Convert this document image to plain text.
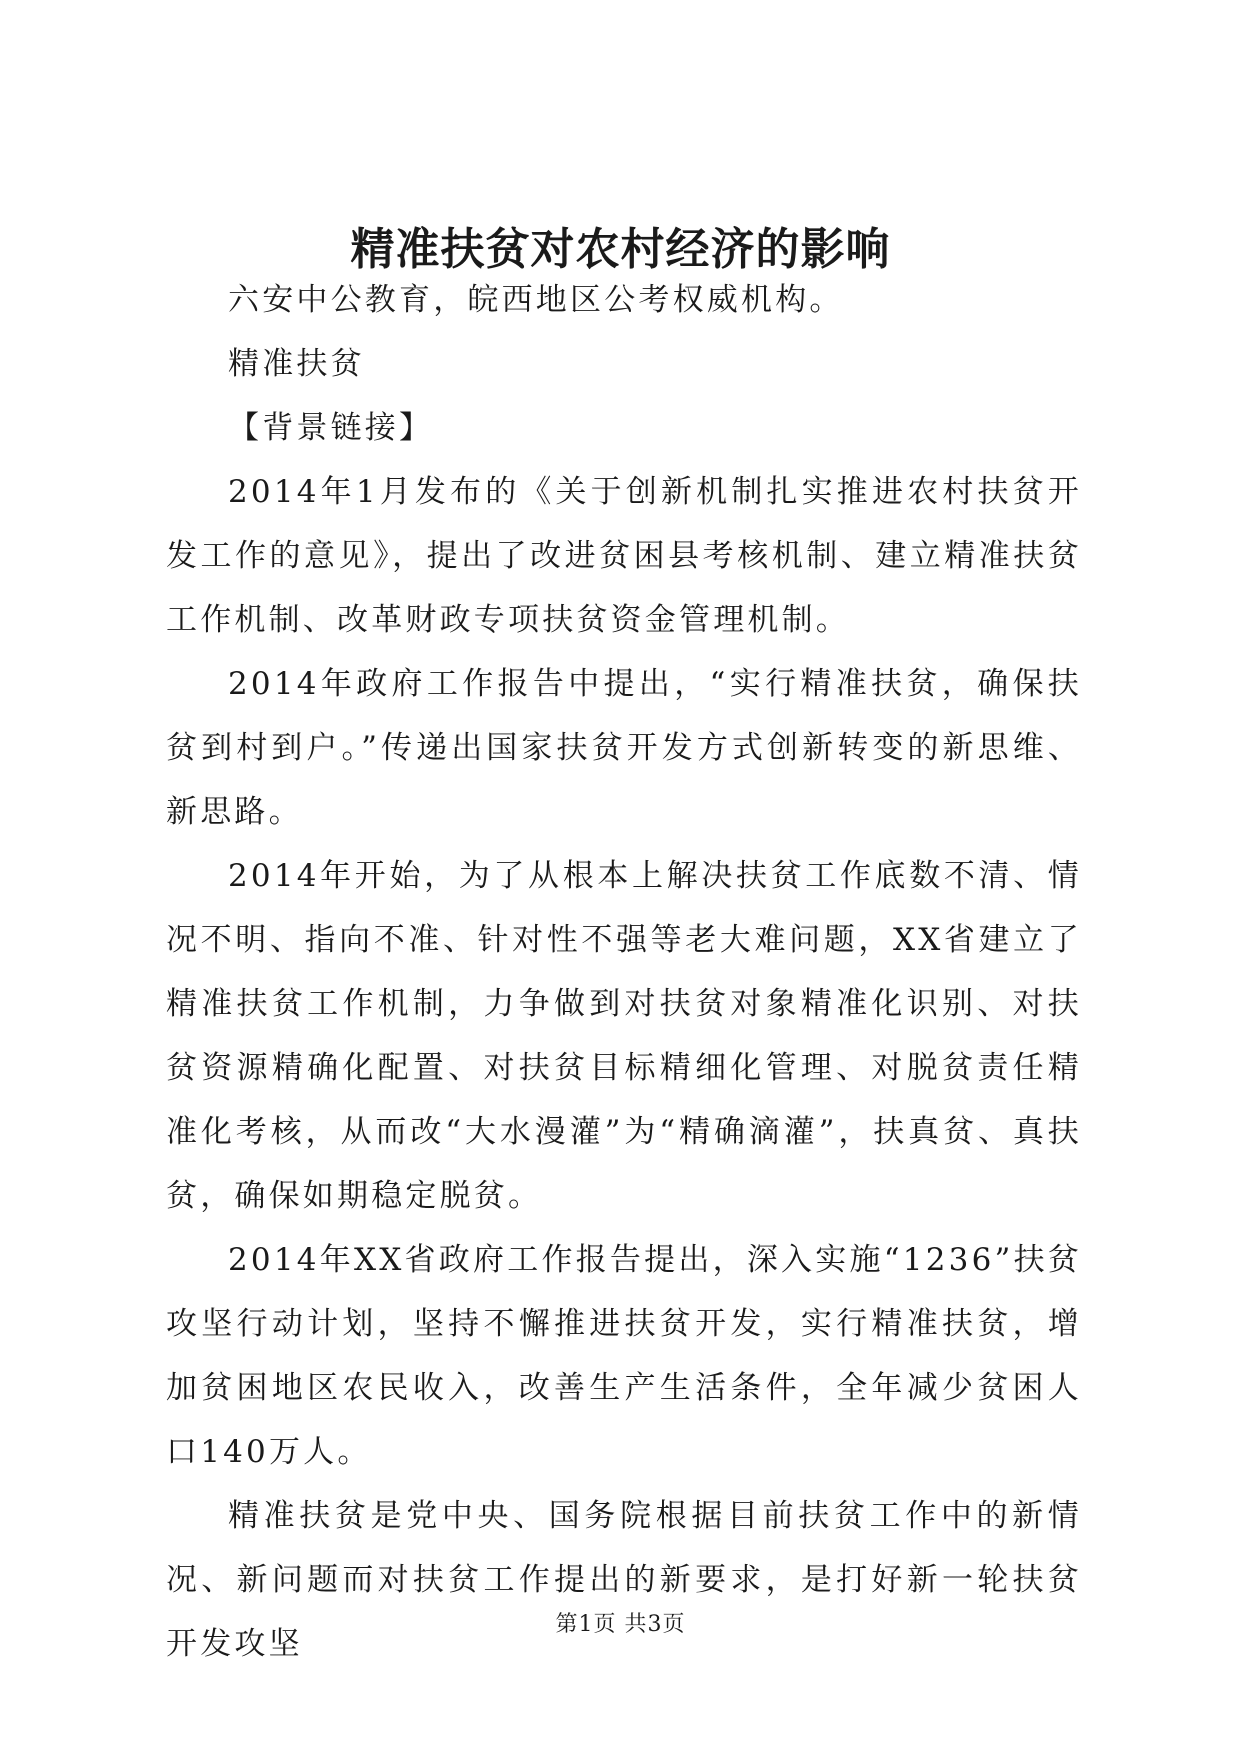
精准扶贫对农村经济的影响

六安中公教育，皖西地区公考权威机构。

精准扶贫

【背景链接】

2014年1月发布的《关于创新机制扎实推进农村扶贫开发工作的意见》，提出了改进贫困县考核机制、建立精准扶贫工作机制、改革财政专项扶贫资金管理机制。

2014年政府工作报告中提出，“实行精准扶贫，确保扶贫到村到户。”传递出国家扶贫开发方式创新转变的新思维、新思路。

2014年开始，为了从根本上解决扶贫工作底数不清、情况不明、指向不准、针对性不强等老大难问题，XX省建立了精准扶贫工作机制，力争做到对扶贫对象精准化识别、对扶贫资源精确化配置、对扶贫目标精细化管理、对脱贫责任精准化考核，从而改“大水漫灌”为“精确滴灌”，扶真贫、真扶贫，确保如期稳定脱贫。

2014年XX省政府工作报告提出，深入实施“1236”扶贫攻坚行动计划，坚持不懈推进扶贫开发，实行精准扶贫，增加贫困地区农民收入，改善生产生活条件，全年减少贫困人口140万人。

精准扶贫是党中央、国务院根据目前扶贫工作中的新情况、新问题而对扶贫工作提出的新要求，是打好新一轮扶贫开发攻坚

第1页 共3页
